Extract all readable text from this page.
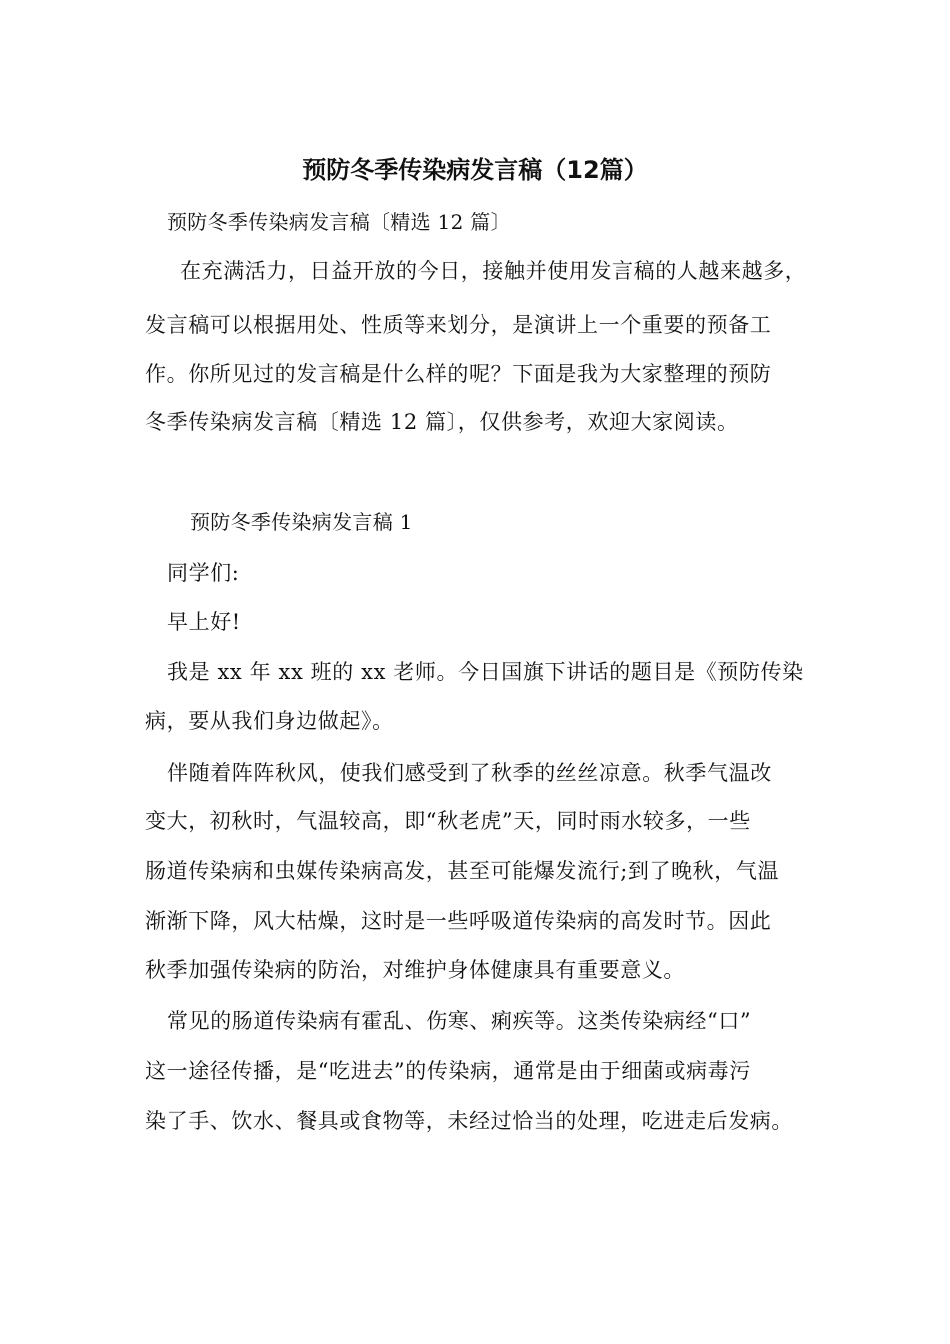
预防冬季传染病发言稿（12篇）
预防冬季传染病发言稿〔精选 12 篇〕
在充满活力，日益开放的今日，接触并使用发言稿的人越来越多，
发言稿可以根据用处、性质等来划分，是演讲上一个重要的预备工
作。你所见过的发言稿是什么样的呢？下面是我为大家整理的预防
冬季传染病发言稿〔精选 12 篇〕，仅供参考，欢迎大家阅读。
预防冬季传染病发言稿 1
同学们:
早上好!
我是 xx 年 xx 班的 xx 老师。今日国旗下讲话的题目是《预防传染
病，要从我们身边做起》。
伴随着阵阵秋风，使我们感受到了秋季的丝丝凉意。秋季气温改
变大，初秋时，气温较高，即“秋老虎”天，同时雨水较多，一些
肠道传染病和虫媒传染病高发，甚至可能爆发流行;到了晚秋，气温
渐渐下降，风大枯燥，这时是一些呼吸道传染病的高发时节。因此
秋季加强传染病的防治，对维护身体健康具有重要意义。
常见的肠道传染病有霍乱、伤寒、痢疾等。这类传染病经“口”
这一途径传播，是“吃进去”的传染病，通常是由于细菌或病毒污
染了手、饮水、餐具或食物等，未经过恰当的处理，吃进走后发病。
